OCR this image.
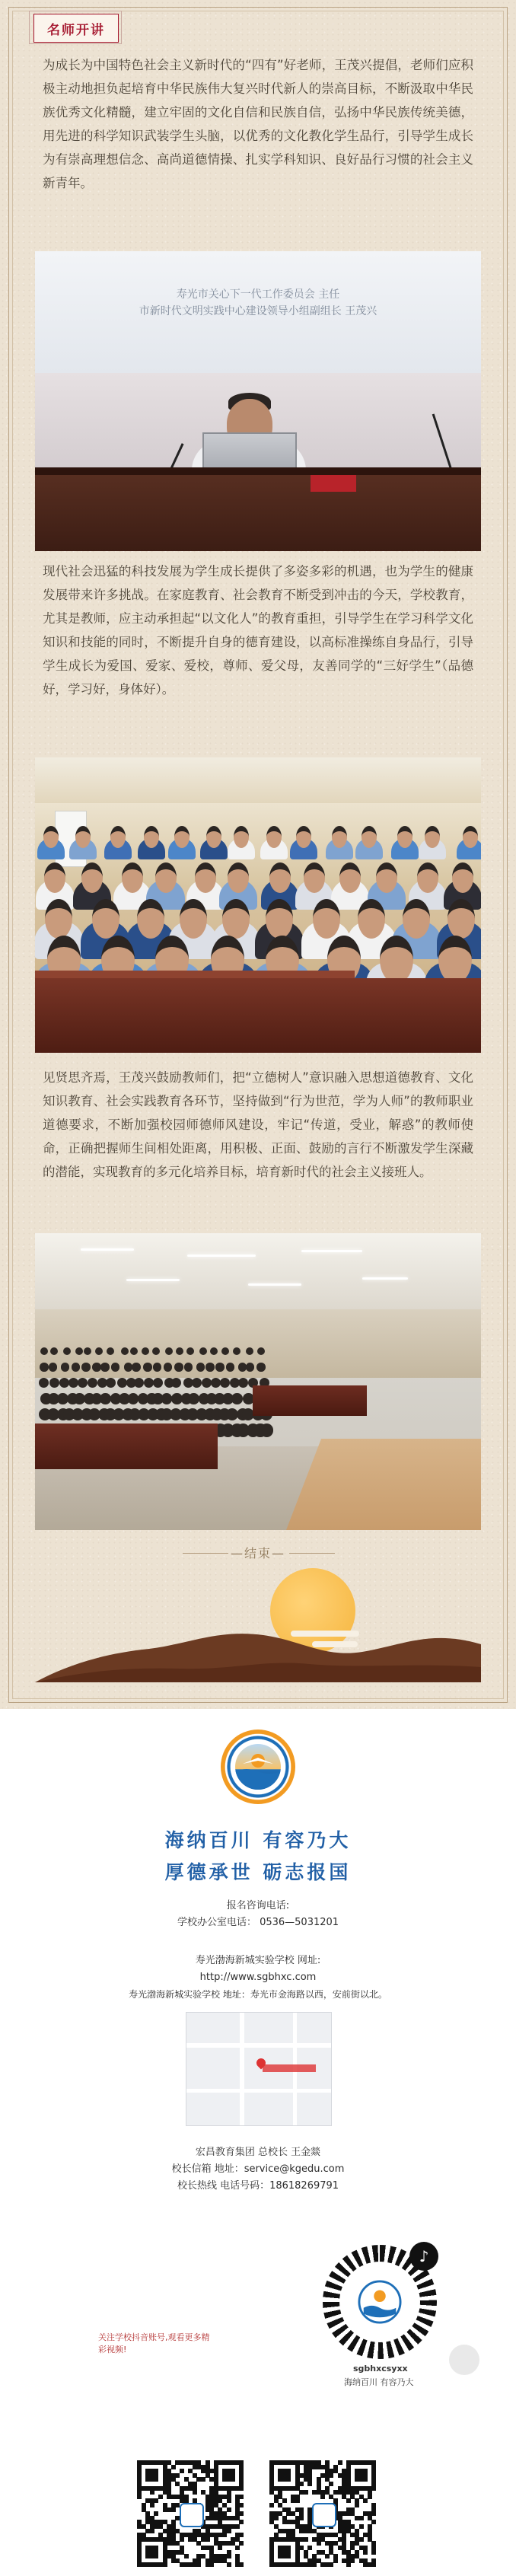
名师开讲

为成长为中国特色社会主义新时代的“四有”好老师，王茂兴提倡，老师们应积极主动地担负起培育中华民族伟大复兴时代新人的崇高目标，不断汲取中华民族优秀文化精髓，建立牢固的文化自信和民族自信，弘扬中华民族传统美德，用先进的科学知识武装学生头脑，以优秀的文化教化学生品行，引导学生成长为有崇高理想信念、高尚道德情操、扎实学科知识、良好品行习惯的社会主义新青年。

寿光市关心下一代工作委员会 主任
市新时代文明实践中心建设领导小组副组长 王茂兴

现代社会迅猛的科技发展为学生成长提供了多姿多彩的机遇，也为学生的健康发展带来许多挑战。在家庭教育、社会教育不断受到冲击的今天，学校教育，尤其是教师，应主动承担起“以文化人”的教育重担，引导学生在学习科学文化知识和技能的同时，不断提升自身的德育建设，以高标准操练自身品行，引导学生成长为爱国、爱家、爱校，尊师、爱父母，友善同学的“三好学生”（品德好，学习好，身体好）。

见贤思齐焉，王茂兴鼓励教师们，把“立德树人”意识融入思想道德教育、文化知识教育、社会实践教育各环节，坚持做到“行为世范，学为人师”的教师职业道德要求，不断加强校园师德师风建设，牢记“传道，受业，解惑”的教师使命，正确把握师生间相处距离，用积极、正面、鼓励的言行不断激发学生深藏的潜能，实现教育的多元化培养目标，培育新时代的社会主义接班人。

—结束—
海纳百川 有容乃大
厚德承世 砺志报国
报名咨询电话:
学校办公室电话： 0536—5031201
寿光渤海新城实验学校 网址:
http://www.sgbhxc.com
寿光渤海新城实验学校 地址：寿光市金海路以西，安前街以北。
宏昌教育集团 总校长 王金燚
校长信箱 地址：service@kgedu.com
校长热线 电话号码：18618269791
♪
sgbhxcsyxx
海纳百川 有容乃大
关注学校抖音账号,观看更多精彩视频!
